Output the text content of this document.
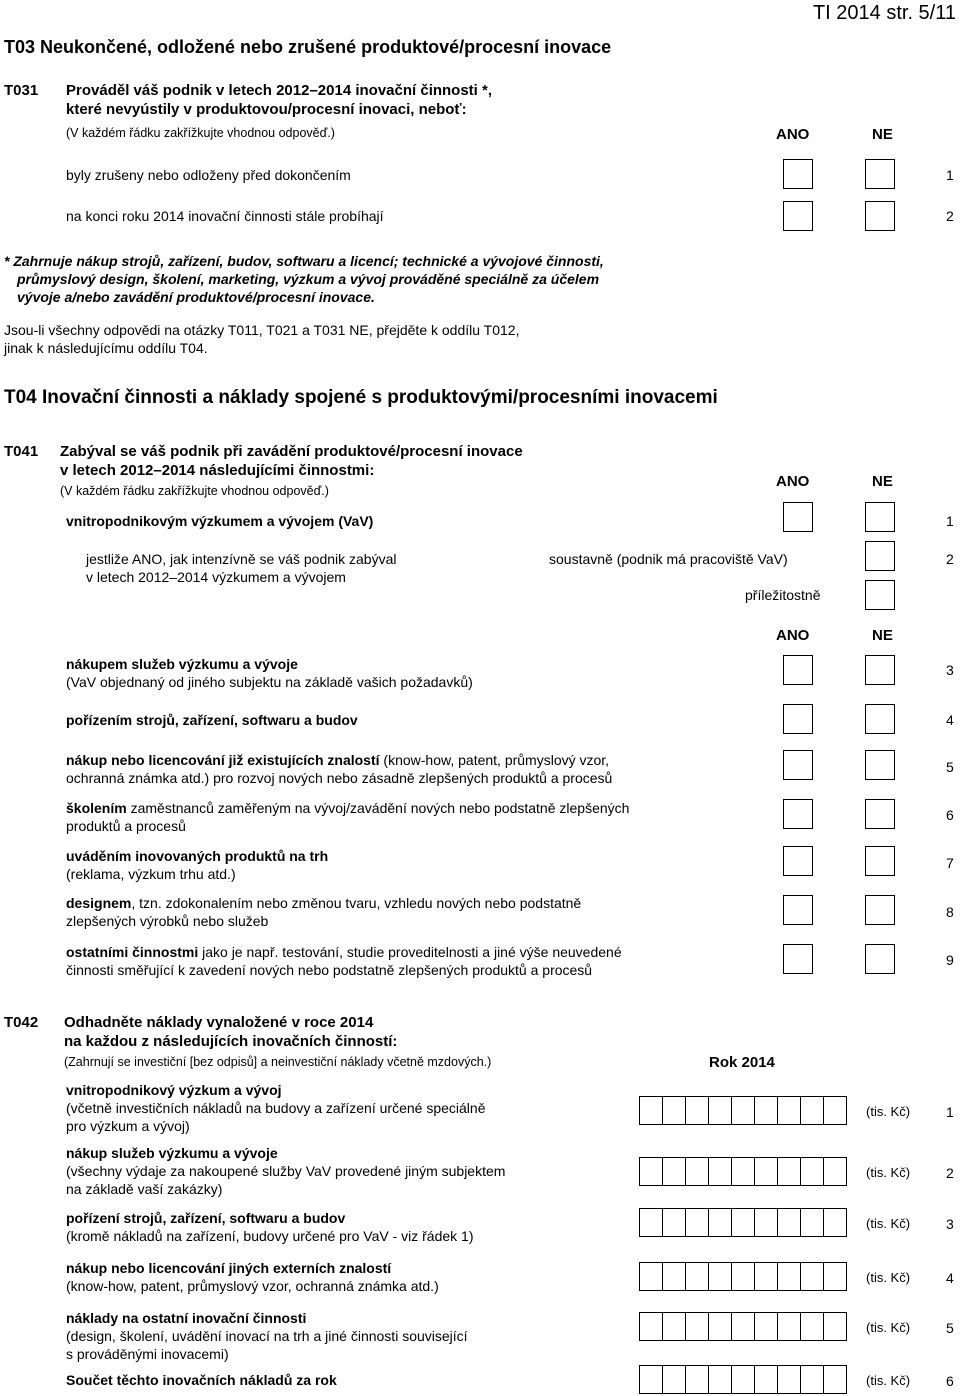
TI 2014 str. 5/11
T03 Neukončené, odložené nebo zrušené produktové/procesní inovace
T031 Prováděl váš podnik v letech 2012–2014 inovační činnosti *,
které nevyústily v produktovou/procesní inovaci, neboť:
(V každém řádku zakřížkujte vhodnou odpověď.)	ANO	NE
byly zrušeny nebo odloženy před dokončením	1
na konci roku 2014 inovační činnosti stále probíhají	2
* Zahrnuje nákup strojů, zařízení, budov, softwaru a licencí; technické a vývojové činnosti,
průmyslový design, školení, marketing, výzkum a vývoj prováděné speciálně za účelem
vývoje a/nebo zavádění produktové/procesní inovace.
Jsou-li všechny odpovědi na otázky T011, T021 a T031 NE, přejděte k oddílu T012,
jinak k následujícímu oddílu T04.
T04 Inovační činnosti a náklady spojené s produktovými/procesními inovacemi
T041 Zabýval se váš podnik při zavádění produktové/procesní inovace
v letech 2012–2014 následujícími činnostmi:
(V každém řádku zakřížkujte vhodnou odpověď.)
ANO	NE
vnitropodnikovým výzkumem a vývojem (VaV)	1
jestliže ANO, jak intenzívně se váš podnik zabýval
v letech 2012–2014 výzkumem a vývojem
soustavně (podnik má pracoviště VaV)	2
příležitostně
ANO	NE
nákupem služeb výzkumu a vývoje
(VaV objednaný od jiného subjektu na základě vašich požadavků)
3
pořízením strojů, zařízení, softwaru a budov	4
nákup nebo licencování již existujících znalostí (know-how, patent, průmyslový vzor,
ochranná známka atd.) pro rozvoj nových nebo zásadně zlepšených produktů a procesů
5
školením zaměstnanců zaměřeným na vývoj/zavádění nových nebo podstatně zlepšených
produktů a procesů
6
uváděním inovovaných produktů na trh
(reklama, výzkum trhu atd.)
7
designem, tzn. zdokonalením nebo změnou tvaru, vzhledu nových nebo podstatně
zlepšených výrobků nebo služeb
8
ostatními činnostmi jako je např. testování, studie proveditelnosti a jiné výše neuvedené
činnosti směřující k zavedení nových nebo podstatně zlepšených produktů a procesů
9
T042 Odhadněte náklady vynaložené v roce 2014
na každou z následujících inovačních činností:
(Zahrnují se investiční [bez odpisů] a neinvestiční náklady včetně mzdových.)	Rok 2014
vnitropodnikový výzkum a vývoj
(včetně investičních nákladů na budovy a zařízení určené speciálně
pro výzkum a vývoj)
(tis. Kč)	1
nákup služeb výzkumu a vývoje
(všechny výdaje za nakoupené služby VaV provedené jiným subjektem
na základě vaší zakázky)
(tis. Kč)	2
pořízení strojů, zařízení, softwaru a budov
(kromě nákladů na zařízení, budovy určené pro VaV - viz řádek 1)
(tis. Kč)	3
nákup nebo licencování jiných externích znalostí
(know-how, patent, průmyslový vzor, ochranná známka atd.)
(tis. Kč)	4
náklady na ostatní inovační činnosti
(design, školení, uvádění inovací na trh a jiné činnosti související
s prováděnými inovacemi)
(tis. Kč)	5
Součet těchto inovačních nákladů za rok	(tis. Kč)	6
